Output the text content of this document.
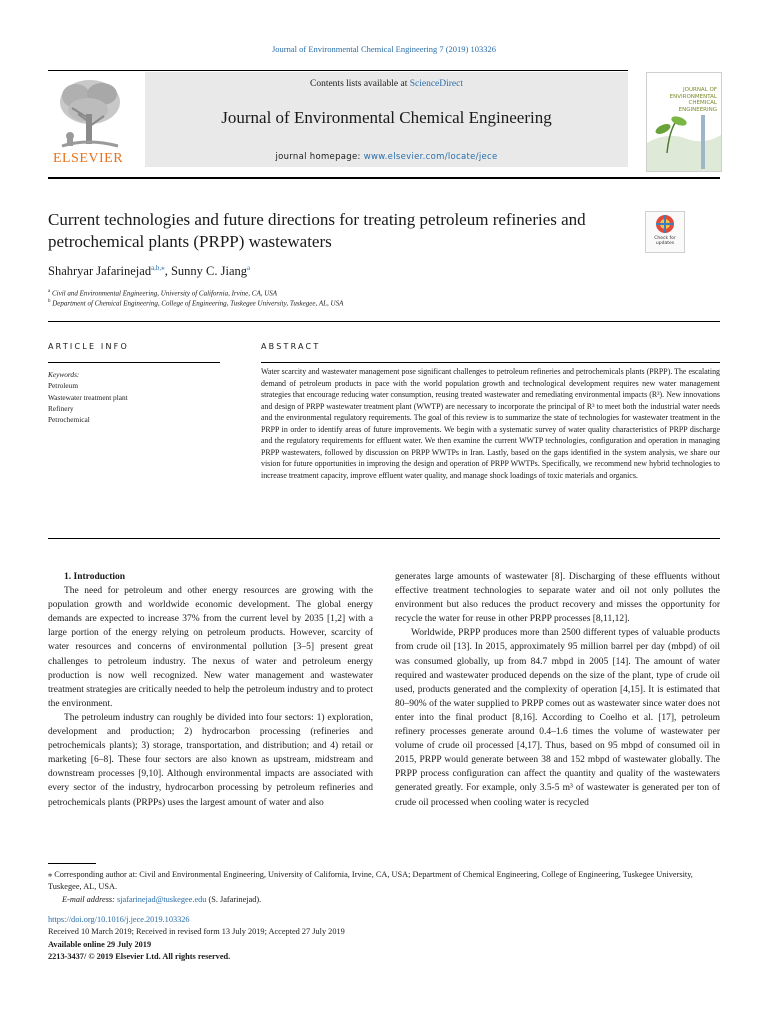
Journal of Environmental Chemical Engineering 7 (2019) 103326
ELSEVIER
Contents lists available at ScienceDirect
Journal of Environmental Chemical Engineering
journal homepage: www.elsevier.com/locate/jece
JOURNAL OF ENVIRONMENTAL CHEMICAL ENGINEERING
Current technologies and future directions for treating petroleum refineries and petrochemical plants (PRPP) wastewaters	Check for updates
Shahryar Jafarinejad$^{a,b,⁎}$, Sunny C. Jiang$^a$
$^a$ Civil and Environmental Engineering, University of California, Irvine, CA, USA
$^b$ Department of Chemical Engineering, College of Engineering, Tuskegee University, Tuskegee, AL, USA
ARTICLE INFO	ABSTRACT
Keywords:
Petroleum
Wastewater treatment plant
Refinery
Petrochemical
Water scarcity and wastewater management pose significant challenges to petroleum refineries and petrochemicals plants (PRPP). The escalating demand of petroleum products in pace with the world population growth and technological development requires new water management strategies that encourage reducing water consumption, reusing treated wastewater and remediating environmental impacts (R³). New innovations and design of PRPP wastewater treatment plant (WWTP) are necessary to incorporate the principal of R³ to meet both the industrial water needs and the environmental regulatory requirements. The goal of this review is to summarize the state of technologies for wastewater treatment in the PRPP in order to identify areas of future improvements. We begin with a systematic survey of water quality characteristics of PRPP discharge and the regulatory requirements for effluent water. We then examine the current WWTP technologies, configuration and operation in managing PRPP wastewaters, followed by discussion on PRPP WWTPs in Iran. Lastly, based on the gaps identified in the system analysis, we share our vision for future opportunities in improving the design and operation of PRPP WWTPs. Specifically, we recommend new hybrid technologies to increase treatment capacity, improve effluent water quality, and manage shock loadings of toxic materials and organics.

1. Introduction

The need for petroleum and other energy resources are growing with the population growth and worldwide economic development. The global energy demands are expected to increase 37% from the current level by 2035 [1,2] with a large portion of the energy relying on petroleum products. However, scarcity of water resources and concerns of environmental pollution [3–5] present great challenges to petroleum industry. The nexus of water and petroleum energy production is now well recognized. New water management and wastewater treatment strategies are critically needed to help the petroleum industry and to protect the environment.

The petroleum industry can roughly be divided into four sectors: 1) exploration, development and production; 2) hydrocarbon processing (refineries and petrochemicals plants); 3) storage, transportation, and distribution; and 4) retail or marketing [6–8]. These four sectors are also known as upstream, midstream and downstream processes [9,10]. Although environmental impacts are associated with every sector of the industry, hydrocarbon processing by petroleum refineries and petrochemicals plants (PRPPs) uses the largest amount of water and also

generates large amounts of wastewater [8]. Discharging of these effluents without effective treatment technologies to separate water and oil not only pollutes the environment but also reduces the product recovery and misses the opportunity for recycle the water for reuse in other PRPP processes [8,11,12].

Worldwide, PRPP produces more than 2500 different types of valuable products from crude oil [13]. In 2015, approximately 95 million barrel per day (mbpd) of oil was consumed globally, up from 84.7 mbpd in 2005 [14]. The amount of water required and wastewater produced depends on the size of the plant, type of crude oil used, products generated and the complexity of operation [4,15]. It is estimated that 80–90% of the water supplied to PRPP comes out as wastewater since water does not enter into the final product [8,16]. According to Coelho et al. [17], petroleum refinery processes generate around 0.4–1.6 times the volume of wastewater per volume of crude oil processed [4,17]. Thus, based on 95 mbpd of consumed oil in 2015, PRPP would generate between 38 and 152 mbpd of wastewater globally. The PRPP process configuration can affect the quantity and quality of the wastewaters generated greatly. For example, only 3.5-5 m³ of wastewater is generated per ton of crude oil processed when cooling water is recycled

⁎ Corresponding author at: Civil and Environmental Engineering, University of California, Irvine, CA, USA; Department of Chemical Engineering, College of Engineering, Tuskegee University, Tuskegee, AL, USA.

E-mail address: sjafarinejad@tuskegee.edu (S. Jafarinejad).

https://doi.org/10.1016/j.jece.2019.103326

Received 10 March 2019; Received in revised form 13 July 2019; Accepted 27 July 2019

Available online 29 July 2019

2213-3437/ © 2019 Elsevier Ltd. All rights reserved.
